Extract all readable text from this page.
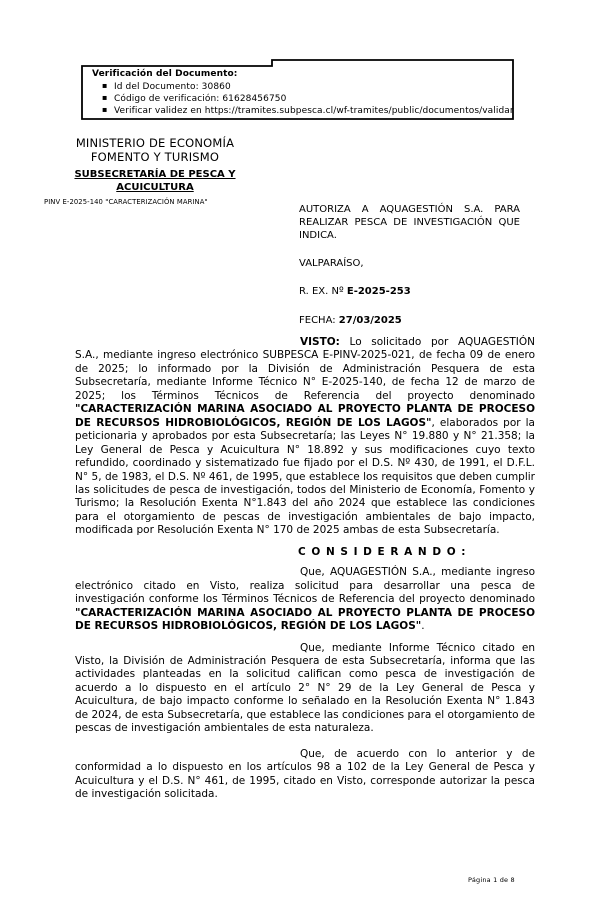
Verificación del Documento:
▪ Id del Documento: 30860
▪ Código de verificación: 61628456750
▪ Verificar validez en https://tramites.subpesca.cl/wf-tramites/public/documentos/validar
MINISTERIO DE ECONOMÍA
FOMENTO Y TURISMO
SUBSECRETARÍA DE PESCA Y
ACUICULTURA
PINV E-2025-140 "CARACTERIZACIÓN MARINA"
AUTORIZA A AQUAGESTIÓN S.A. PARA REALIZAR PESCA DE INVESTIGACIÓN QUE INDICA.
VALPARAÍSO,
R. EX. Nº E-2025-253
FECHA: 27/03/2025

VISTO: Lo solicitado por AQUAGESTIÓN S.A., mediante ingreso electrónico SUBPESCA E-PINV-2025-021, de fecha 09 de enero de 2025; lo informado por la División de Administración Pesquera de esta Subsecretaría, mediante Informe Técnico N° E-2025-140, de fecha 12 de marzo de 2025; los Términos Técnicos de Referencia del proyecto denominado "CARACTERIZACIÓN MARINA ASOCIADO AL PROYECTO PLANTA DE PROCESO DE RECURSOS HIDROBIOLÓGICOS, REGIÓN DE LOS LAGOS", elaborados por la peticionaria y aprobados por esta Subsecretaría; las Leyes N° 19.880 y N° 21.358; la Ley General de Pesca y Acuicultura N° 18.892 y sus modificaciones cuyo texto refundido, coordinado y sistematizado fue fijado por el D.S. Nº 430, de 1991, el D.F.L. N° 5, de 1983, el D.S. Nº 461, de 1995, que establece los requisitos que deben cumplir las solicitudes de pesca de investigación, todos del Ministerio de Economía, Fomento y Turismo; la Resolución Exenta N°1.843 del año 2024 que establece las condiciones para el otorgamiento de pescas de investigación ambientales de bajo impacto, modificada por Resolución Exenta N° 170 de 2025 ambas de esta Subsecretaría.

C O N S I D E R A N D O :

Que, AQUAGESTIÓN S.A., mediante ingreso electrónico citado en Visto, realiza solicitud para desarrollar una pesca de investigación conforme los Términos Técnicos de Referencia del proyecto denominado "CARACTERIZACIÓN MARINA ASOCIADO AL PROYECTO PLANTA DE PROCESO DE RECURSOS HIDROBIOLÓGICOS, REGIÓN DE LOS LAGOS".

Que, mediante Informe Técnico citado en Visto, la División de Administración Pesquera de esta Subsecretaría, informa que las actividades planteadas en la solicitud califican como pesca de investigación de acuerdo a lo dispuesto en el artículo 2° N° 29 de la Ley General de Pesca y Acuicultura, de bajo impacto conforme lo señalado en la Resolución Exenta N° 1.843 de 2024, de esta Subsecretaría, que establece las condiciones para el otorgamiento de pescas de investigación ambientales de esta naturaleza.

Que, de acuerdo con lo anterior y de conformidad a lo dispuesto en los artículos 98 a 102 de la Ley General de Pesca y Acuicultura y el D.S. N° 461, de 1995, citado en Visto, corresponde autorizar la pesca de investigación solicitada.

Página 1 de 8
